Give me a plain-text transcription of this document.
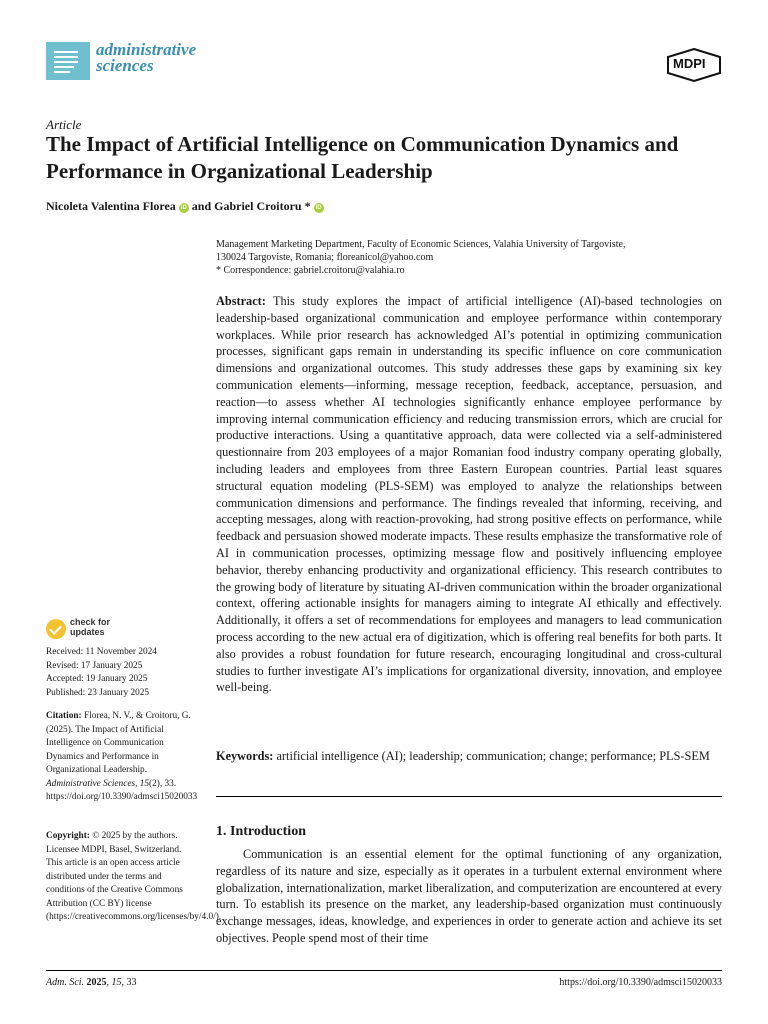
administrative
sciences	MDPI
Article
The Impact of Artificial Intelligence on Communication Dynamics and Performance in Organizational Leadership
Nicoleta Valentina Florea iD and Gabriel Croitoru * iD
Management Marketing Department, Faculty of Economic Sciences, Valahia University of Targoviste,
130024 Targoviste, Romania; floreanicol@yahoo.com
* Correspondence: gabriel.croitoru@valahia.ro

Abstract: This study explores the impact of artificial intelligence (AI)-based technologies on leadership-based organizational communication and employee performance within contemporary workplaces. While prior research has acknowledged AI’s potential in optimizing communication processes, significant gaps remain in understanding its specific influence on core communication dimensions and organizational outcomes. This study addresses these gaps by examining six key communication elements—informing, message reception, feedback, acceptance, persuasion, and reaction—to assess whether AI technologies significantly enhance employee performance by improving internal communication efficiency and reducing transmission errors, which are crucial for productive interactions. Using a quantitative approach, data were collected via a self-administered questionnaire from 203 employees of a major Romanian food industry company operating globally, including leaders and employees from three Eastern European countries. Partial least squares structural equation modeling (PLS-SEM) was employed to analyze the relationships between communication dimensions and performance. The findings revealed that informing, receiving, and accepting messages, along with reaction-provoking, had strong positive effects on performance, while feedback and persuasion showed moderate impacts. These results emphasize the transformative role of AI in communication processes, optimizing message flow and positively influencing employee behavior, thereby enhancing productivity and organizational efficiency. This research contributes to the growing body of literature by situating AI-driven communication within the broader organizational context, offering actionable insights for managers aiming to integrate AI ethically and effectively. Additionally, it offers a set of recommendations for employees and managers to lead communication process according to the new actual era of digitization, which is offering real benefits for both parts. It also provides a robust foundation for future research, encouraging longitudinal and cross-cultural studies to further investigate AI’s implications for organizational diversity, innovation, and employee well-being.

Keywords: artificial intelligence (AI); leadership; communication; change; performance; PLS-SEM

1. Introduction

Communication is an essential element for the optimal functioning of any organization, regardless of its nature and size, especially as it operates in a turbulent external environment where globalization, internationalization, market liberalization, and computerization are encountered at every turn. To establish its presence on the market, any leadership-based organization must continuously exchange messages, ideas, knowledge, and experiences in order to generate action and achieve its set objectives. People spend most of their time

check for
updates
Received: 11 November 2024
Revised: 17 January 2025
Accepted: 19 January 2025
Published: 23 January 2025
Citation: Florea, N. V., & Croitoru, G. (2025). The Impact of Artificial Intelligence on Communication Dynamics and Performance in Organizational Leadership. Administrative Sciences, 15(2), 33. https://doi.org/10.3390/admsci15020033
Copyright: © 2025 by the authors. Licensee MDPI, Basel, Switzerland. This article is an open access article distributed under the terms and conditions of the Creative Commons Attribution (CC BY) license (https://creativecommons.org/licenses/by/4.0/).
Adm. Sci. 2025, 15, 33	https://doi.org/10.3390/admsci15020033
